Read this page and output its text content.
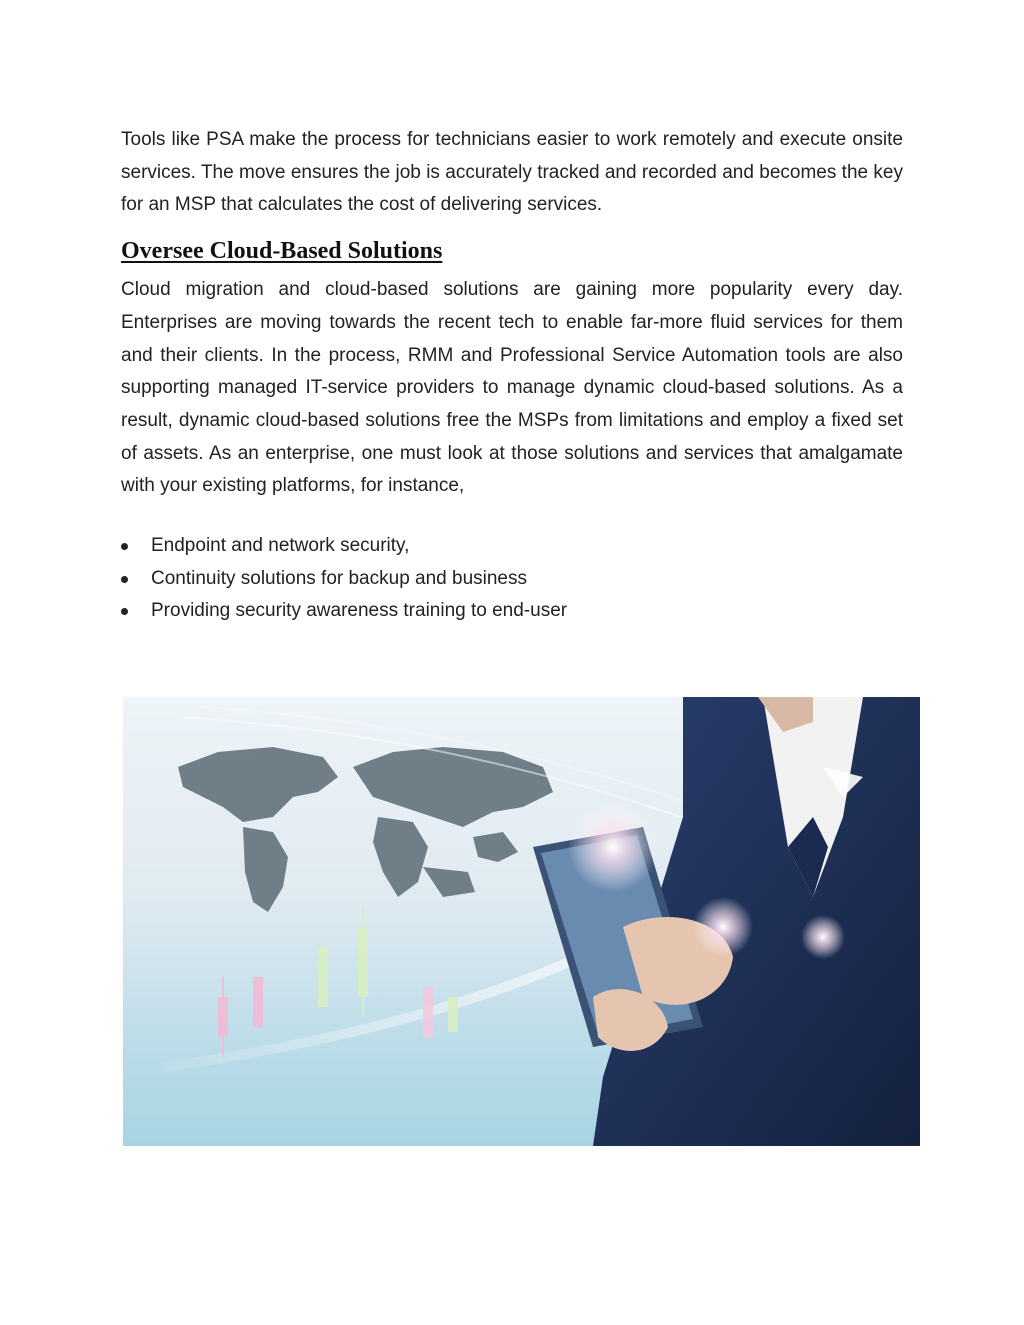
Tools like PSA make the process for technicians easier to work remotely and execute onsite services. The move ensures the job is accurately tracked and recorded and becomes the key for an MSP that calculates the cost of delivering services.

Oversee Cloud-Based Solutions

Cloud migration and cloud-based solutions are gaining more popularity every day. Enterprises are moving towards the recent tech to enable far-more fluid services for them and their clients. In the process, RMM and Professional Service Automation tools are also supporting managed IT-service providers to manage dynamic cloud-based solutions. As a result, dynamic cloud-based solutions free the MSPs from limitations and employ a fixed set of assets. As an enterprise, one must look at those solutions and services that amalgamate with your existing platforms, for instance,

Endpoint and network security,
Continuity solutions for backup and business
Providing security awareness training to end-user
